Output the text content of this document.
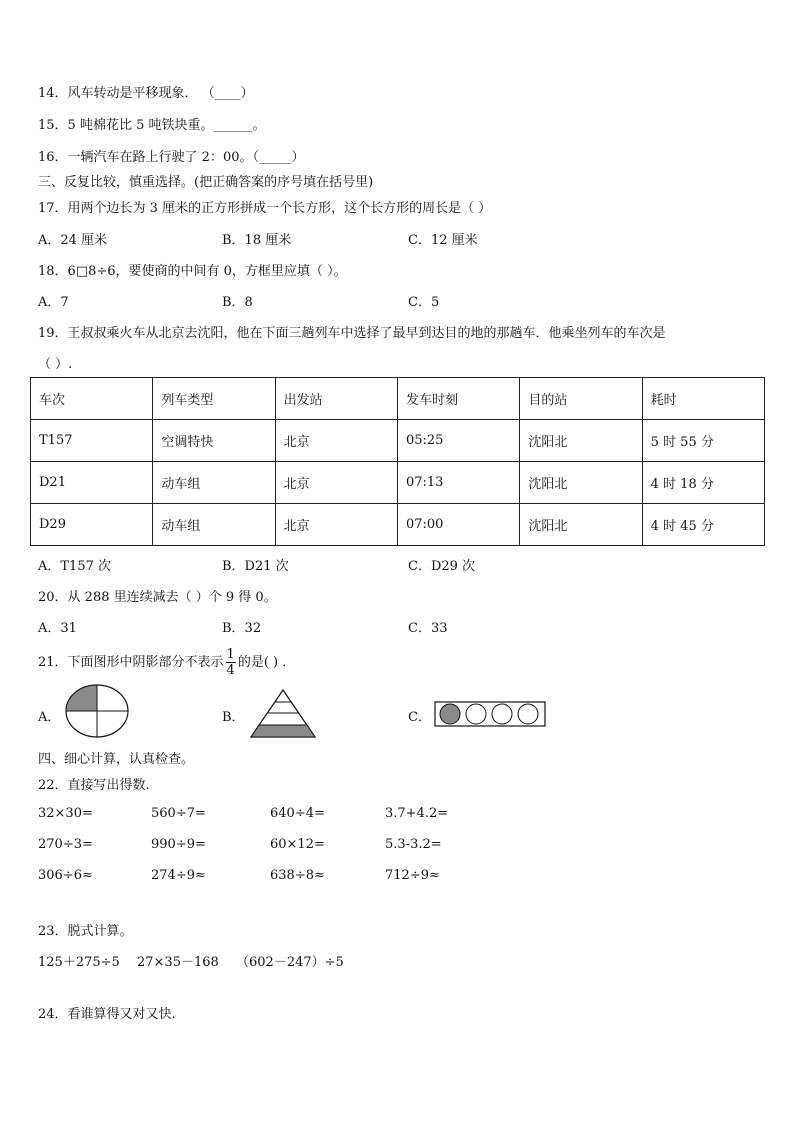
14．风车转动是平移现象． （____）
15．5 吨棉花比 5 吨铁块重。______。
16．一辆汽车在路上行驶了 2：00。（_____）
三、反复比较，慎重选择。(把正确答案的序号填在括号里)
17．用两个边长为 3 厘米的正方形拼成一个长方形，这个长方形的周长是（ ）
A．24 厘米	B．18 厘米	C．12 厘米
18．6□8÷6，要使商的中间有 0，方框里应填（ ）。
A．7	B．8	C．5
19．王叔叔乘火车从北京去沈阳，他在下面三趟列车中选择了最早到达目的地的那趟车．他乘坐列车的车次是
（ ）.
车次	列车类型	出发站	发车时刻	目的站	耗时
T157	空调特快	北京	05:25	沈阳北	5 时 55 分
D21	动车组	北京	07:13	沈阳北	4 时 18 分
D29	动车组	北京	07:00	沈阳北	4 时 45 分
A．T157 次	B．D21 次	C．D29 次
20．从 288 里连续减去（ ）个 9 得 0。
A．31	B．32	C．33
21．下面图形中阴影部分不表示 $\frac{1}{4}$ 的是( ) ．
A．	B．	C．
四、细心计算，认真检查。
22．直接写出得数.
32×30=	560÷7=	640÷4=	3.7+4.2=
270÷3=	990÷9=	60×12=	5.3-3.2=
306÷6≈	274÷9≈	638÷8≈	712÷9≈
23．脱式计算。
125＋275÷5 27×35－168 （602－247）÷5
24．看谁算得又对又快.
